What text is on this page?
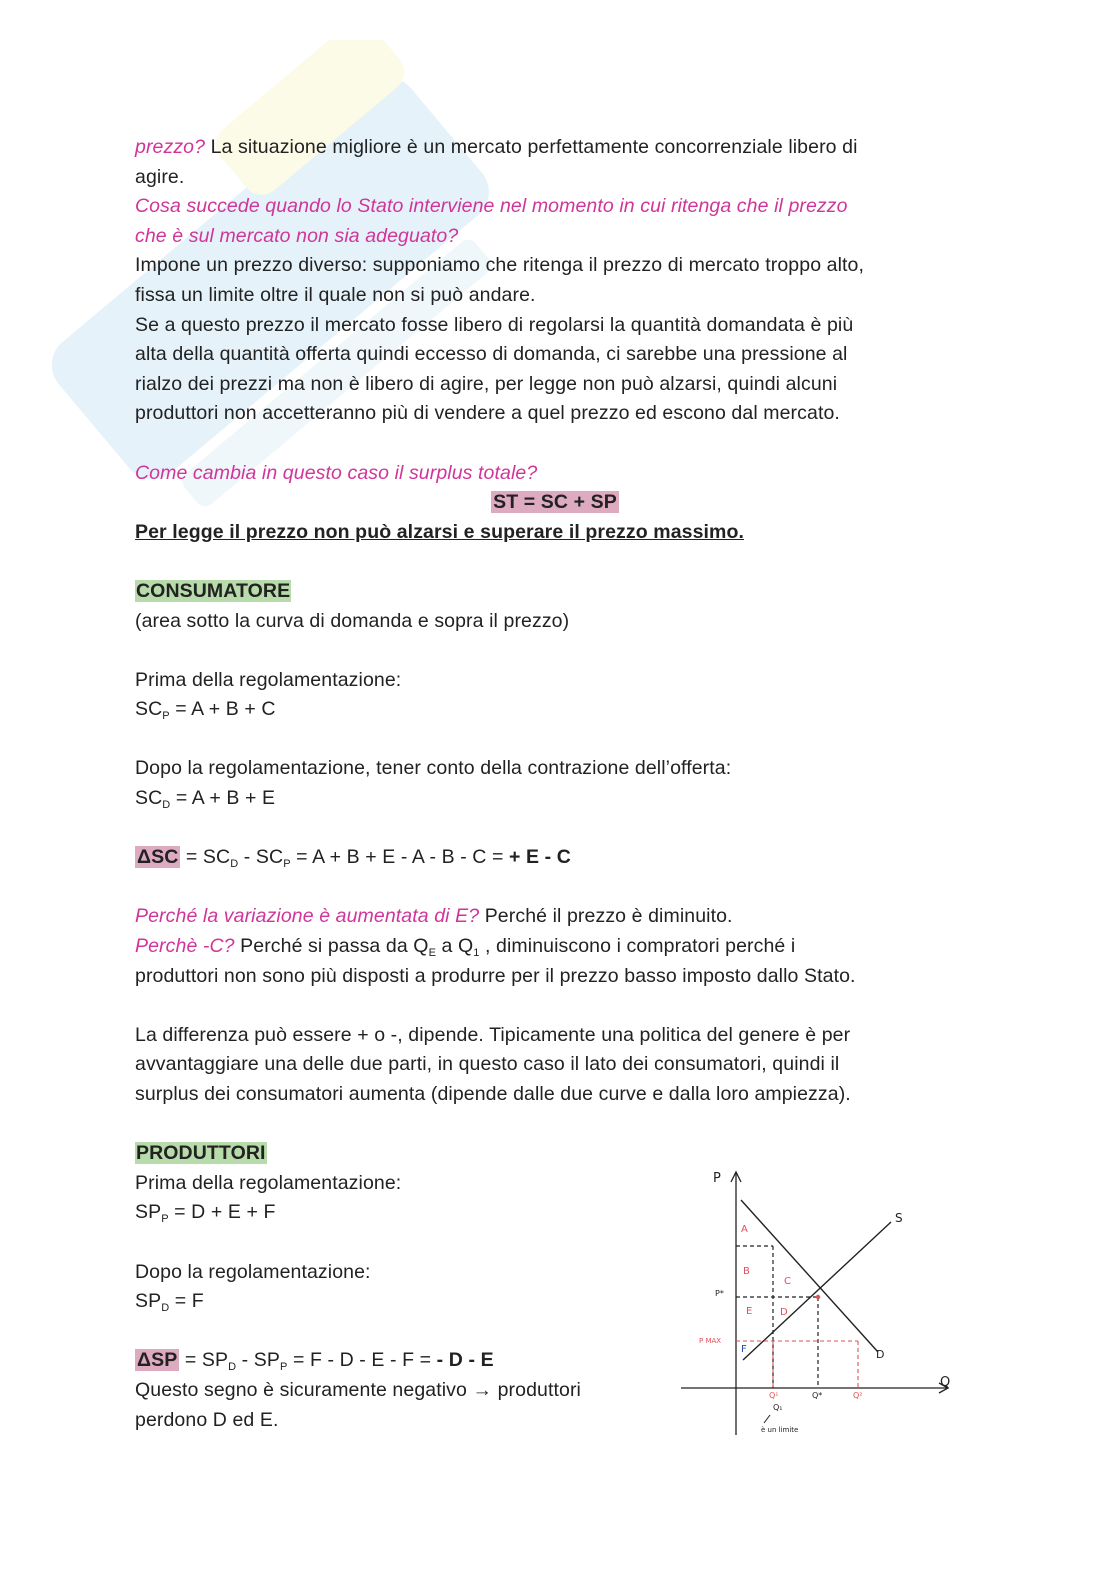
prezzo? La situazione migliore è un mercato perfettamente concorrenziale libero di
agire.
Cosa succede quando lo Stato interviene nel momento in cui ritenga che il prezzo
che è sul mercato non sia adeguato?
Impone un prezzo diverso: supponiamo che ritenga il prezzo di mercato troppo alto,
fissa un limite oltre il quale non si può andare.
Se a questo prezzo il mercato fosse libero di regolarsi la quantità domandata è più
alta della quantità offerta quindi eccesso di domanda, ci sarebbe una pressione al
rialzo dei prezzi ma non è libero di agire, per legge non può alzarsi, quindi alcuni
produttori non accetteranno più di vendere a quel prezzo ed escono dal mercato.
Come cambia in questo caso il surplus totale?
ST = SC + SP
Per legge il prezzo non può alzarsi e superare il prezzo massimo.
CONSUMATORE
(area sotto la curva di domanda e sopra il prezzo)
Prima della regolamentazione:
$SC_P = A + B + C$
Dopo la regolamentazione, tener conto della contrazione dell’offerta:
$SC_D = A + B + E$
$\Delta SC = SC_D - SC_P = A + B + E - A - B - C$ = + E - C
Perché la variazione è aumentata di E? Perché il prezzo è diminuito.
Perchè -C? Perché si passa da $Q_E$ a $Q_1$ , diminuiscono i compratori perché i
produttori non sono più disposti a produrre per il prezzo basso imposto dallo Stato.
La differenza può essere + o -, dipende. Tipicamente una politica del genere è per
avvantaggiare una delle due parti, in questo caso il lato dei consumatori, quindi il
surplus dei consumatori aumenta (dipende dalle due curve e dalla loro ampiezza).
PRODUTTORI
Prima della regolamentazione:
$SP_P = D + E + F$
Dopo la regolamentazione:
$SP_D = F$
$\Delta SP = SP_D - SP_P = F - D - E - F$ = - D - E
Questo segno è sicuramente negativo → produttori
perdono D ed E.
P
Q
S
D
P*
P MAX
A
B
C
E	D
F
Q¹	Q²
Q*
Q₁
è un limite
